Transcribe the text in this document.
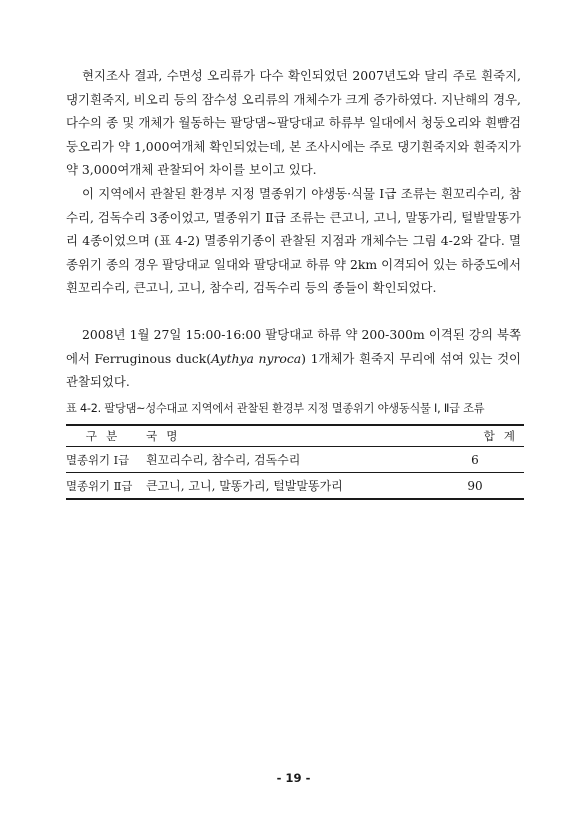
현지조사 결과, 수면성 오리류가 다수 확인되었던 2007년도와 달리 주로 흰죽지, 댕기흰죽지, 비오리 등의 잠수성 오리류의 개체수가 크게 증가하였다. 지난해의 경우, 다수의 종 및 개체가 월동하는 팔당댐~팔당대교 하류부 일대에서 청둥오리와 흰뺨검둥오리가 약 1,000여개체 확인되었는데, 본 조사시에는 주로 댕기흰죽지와 흰죽지가 약 3,000여개체 관찰되어 차이를 보이고 있다.

이 지역에서 관찰된 환경부 지정 멸종위기 야생동·식물 Ⅰ급 조류는 흰꼬리수리, 참수리, 검독수리 3종이었고, 멸종위기 Ⅱ급 조류는 큰고니, 고니, 말똥가리, 털발말똥가리 4종이었으며 (표 4-2) 멸종위기종이 관찰된 지점과 개체수는 그림 4-2와 같다. 멸종위기 종의 경우 팔당대교 일대와 팔당대교 하류 약 2km 이격되어 있는 하중도에서 흰꼬리수리, 큰고니, 고니, 참수리, 검독수리 등의 종들이 확인되었다.

2008년 1월 27일 15:00-16:00 팔당대교 하류 약 200-300m 이격된 강의 북쪽에서 Ferruginous duck(Aythya nyroca) 1개체가 흰죽지 무리에 섞여 있는 것이 관찰되었다.

표 4-2. 팔당댐~성수대교 지역에서 관찰된 환경부 지정 멸종위기 야생동식물 Ⅰ, Ⅱ급 조류
구분	국명	합계
멸종위기 Ⅰ급	흰꼬리수리, 참수리, 검독수리	6
멸종위기 Ⅱ급	큰고니, 고니, 말똥가리, 털발말똥가리	90
- 19 -
